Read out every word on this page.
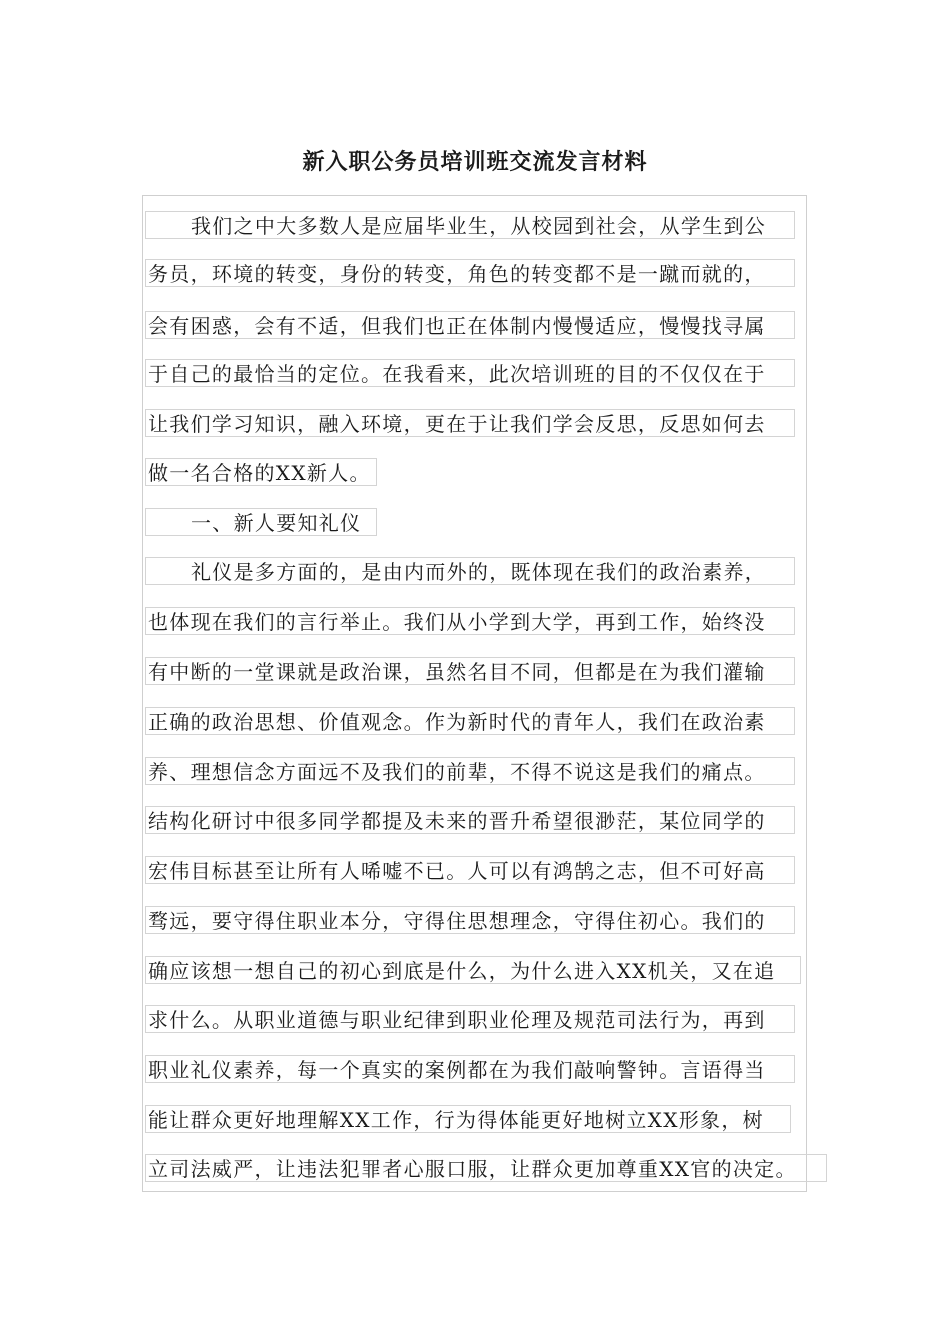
新入职公务员培训班交流发言材料
我们之中大多数人是应届毕业生，从校园到社会，从学生到公
务员，环境的转变，身份的转变，角色的转变都不是一蹴而就的，
会有困惑，会有不适，但我们也正在体制内慢慢适应，慢慢找寻属
于自己的最恰当的定位。在我看来，此次培训班的目的不仅仅在于
让我们学习知识，融入环境，更在于让我们学会反思，反思如何去
做一名合格的XX新人。
一、新人要知礼仪
礼仪是多方面的，是由内而外的，既体现在我们的政治素养，
也体现在我们的言行举止。我们从小学到大学，再到工作，始终没
有中断的一堂课就是政治课，虽然名目不同，但都是在为我们灌输
正确的政治思想、价值观念。作为新时代的青年人，我们在政治素
养、理想信念方面远不及我们的前辈，不得不说这是我们的痛点。
结构化研讨中很多同学都提及未来的晋升希望很渺茫，某位同学的
宏伟目标甚至让所有人唏嘘不已。人可以有鸿鹄之志，但不可好高
骛远，要守得住职业本分，守得住思想理念，守得住初心。我们的
确应该想一想自己的初心到底是什么，为什么进入XX机关，又在追
求什么。从职业道德与职业纪律到职业伦理及规范司法行为，再到
职业礼仪素养，每一个真实的案例都在为我们敲响警钟。言语得当
能让群众更好地理解XX工作，行为得体能更好地树立XX形象，树
立司法威严，让违法犯罪者心服口服，让群众更加尊重XX官的决定。
